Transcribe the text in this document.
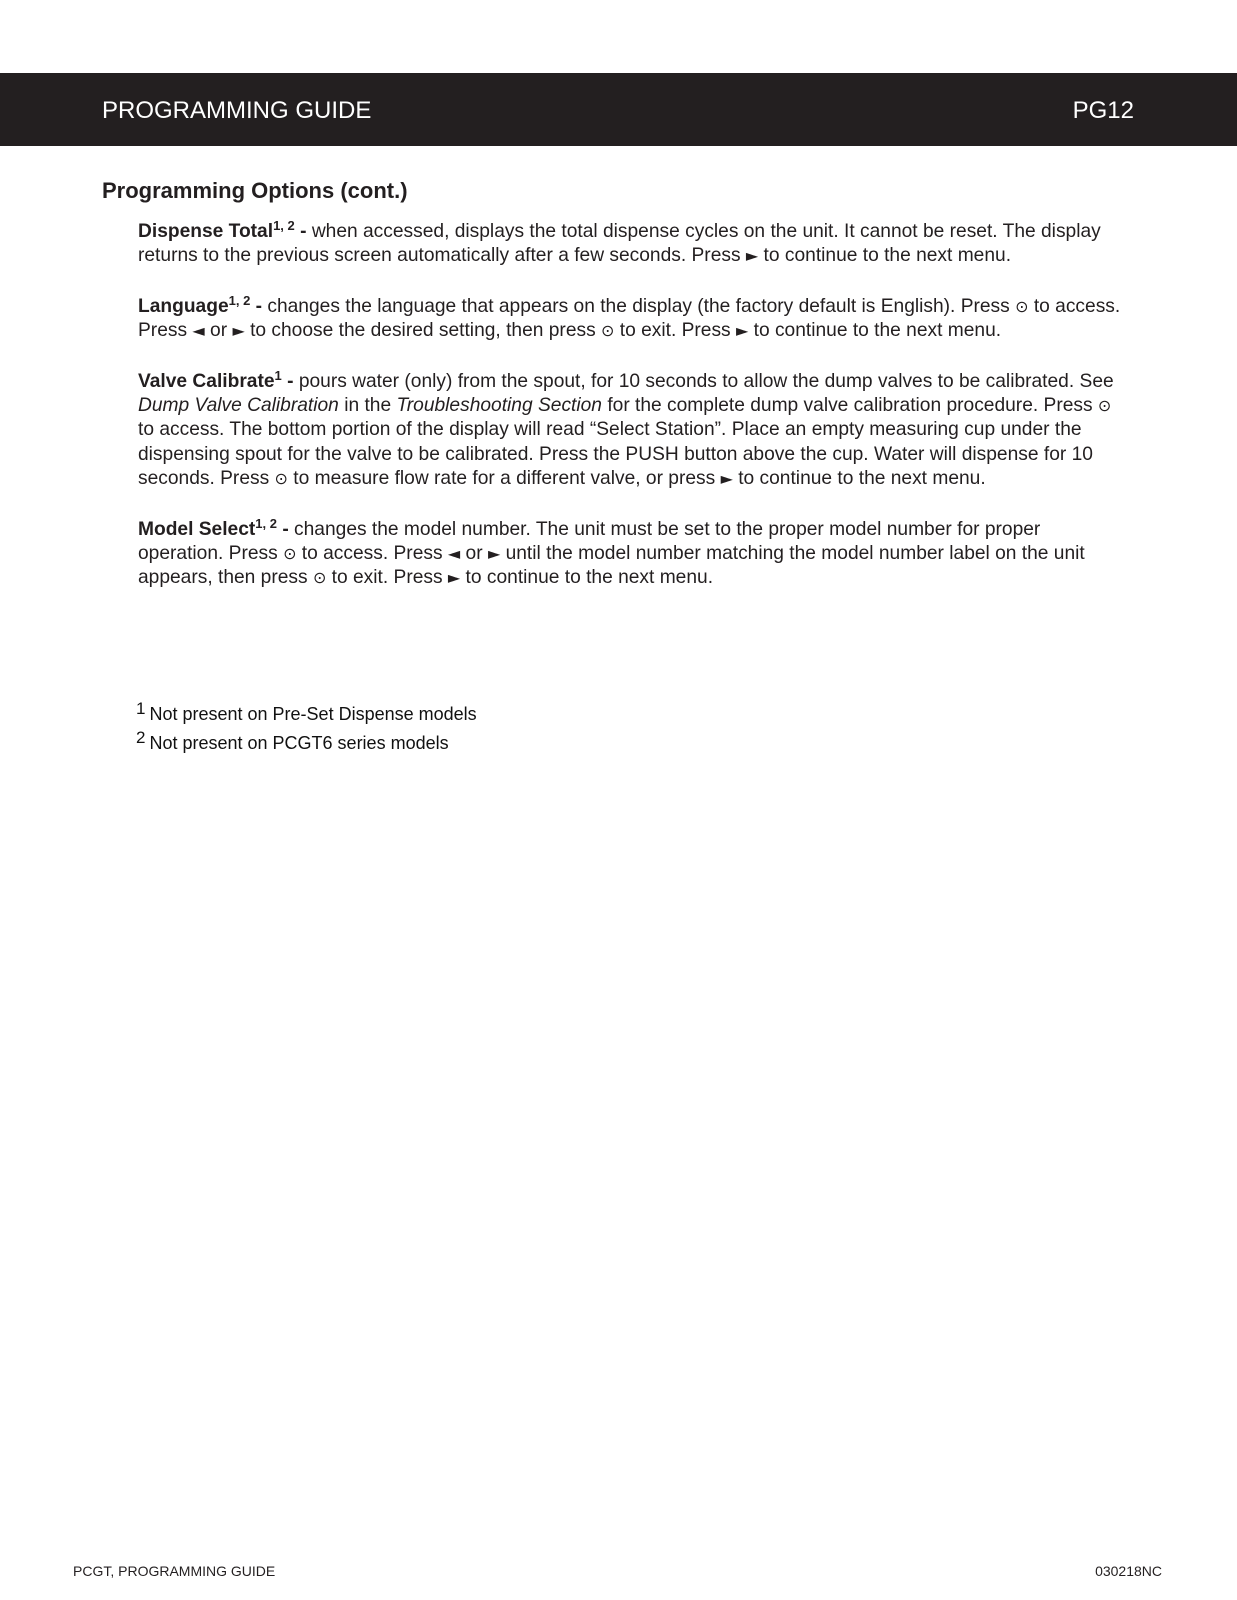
PROGRAMMING GUIDE	PG12
Programming Options (cont.)

Dispense Total$^{1, 2}$ - when accessed, displays the total dispense cycles on the unit. It cannot be reset. The display returns to the previous screen automatically after a few seconds. Press ► to continue to the next menu.

Language$^{1, 2}$ - changes the language that appears on the display (the factory default is English). Press ⊙ to access. Press ◄ or ► to choose the desired setting, then press ⊙ to exit. Press ► to continue to the next menu.

Valve Calibrate$^1$ - pours water (only) from the spout, for 10 seconds to allow the dump valves to be calibrated. See Dump Valve Calibration in the Troubleshooting Section for the complete dump valve calibration procedure. Press ⊙ to access. The bottom portion of the display will read “Select Station”. Place an empty measuring cup under the dispensing spout for the valve to be calibrated. Press the PUSH button above the cup. Water will dispense for 10 seconds. Press ⊙ to measure flow rate for a different valve, or press ► to continue to the next menu.

Model Select$^{1, 2}$ - changes the model number. The unit must be set to the proper model number for proper operation. Press ⊙ to access. Press ◄ or ► until the model number matching the model number label on the unit appears, then press ⊙ to exit. Press ► to continue to the next menu.

$^1$ Not present on Pre-Set Dispense models
$^2$ Not present on PCGT6 series models
PCGT, PROGRAMMING GUIDE	030218NC
